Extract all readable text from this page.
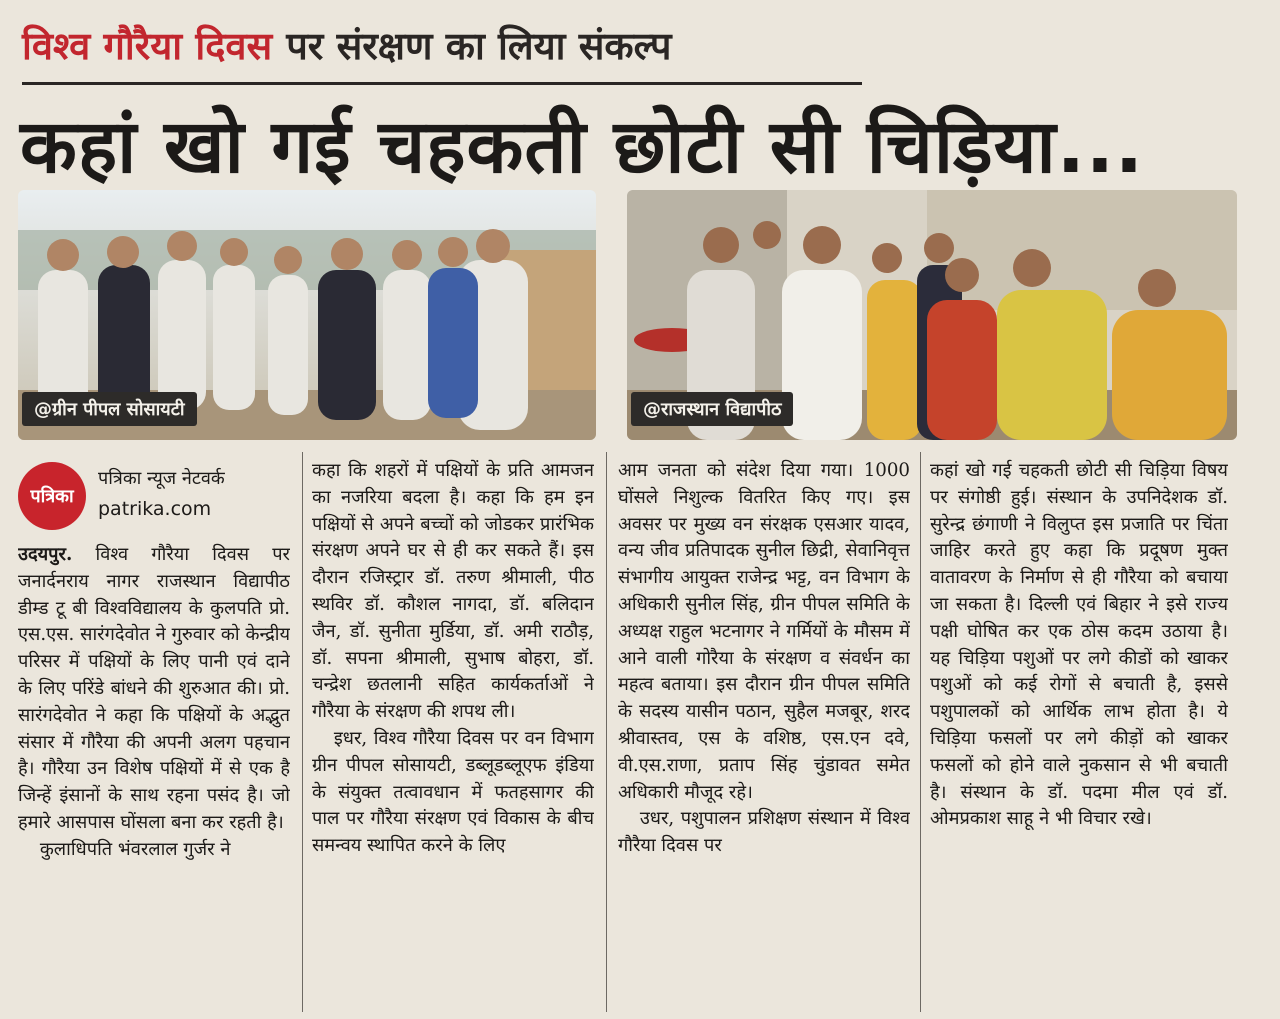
विश्व गौरैया दिवस पर संरक्षण का लिया संकल्प
कहां खो गई चहकती छोटी सी चिड़िया...
@ग्रीन पीपल सोसायटी	@राजस्थान विद्यापीठ
पत्रिका
पत्रिका न्यूज नेटवर्क
patrika.com

उदयपुर. विश्व गौरैया दिवस पर जनार्दनराय नागर राजस्थान विद्यापीठ डीम्ड टू बी विश्वविद्यालय के कुलपति प्रो. एस.एस. सारंगदेवोत ने गुरुवार को केन्द्रीय परिसर में पक्षियों के लिए पानी एवं दाने के लिए परिंडे बांधने की शुरुआत की। प्रो. सारंगदेवोत ने कहा कि पक्षियों के अद्भुत संसार में गौरैया की अपनी अलग पहचान है। गौरैया उन विशेष पक्षियों में से एक है जिन्हें इंसानों के साथ रहना पसंद है। जो हमारे आसपास घोंसला बना कर रहती है।

कुलाधिपति भंवरलाल गुर्जर ने

कहा कि शहरों में पक्षियों के प्रति आमजन का नजरिया बदला है। कहा कि हम इन पक्षियों से अपने बच्चों को जोडकर प्रारंभिक संरक्षण अपने घर से ही कर सकते हैं। इस दौरान रजिस्ट्रार डॉ. तरुण श्रीमाली, पीठ स्थविर डॉ. कौशल नागदा, डॉ. बलिदान जैन, डॉ. सुनीता मुर्डिया, डॉ. अमी राठौड़, डॉ. सपना श्रीमाली, सुभाष बोहरा, डॉ. चन्द्रेश छतलानी सहित कार्यकर्ताओं ने गौरैया के संरक्षण की शपथ ली।

इधर, विश्व गौरैया दिवस पर वन विभाग ग्रीन पीपल सोसायटी, डब्लूडब्लूएफ इंडिया के संयुक्त तत्वावधान में फतहसागर की पाल पर गौरैया संरक्षण एवं विकास के बीच समन्वय स्थापित करने के लिए

आम जनता को संदेश दिया गया। 1000 घोंसले निशुल्क वितरित किए गए। इस अवसर पर मुख्य वन संरक्षक एसआर यादव, वन्य जीव प्रतिपादक सुनील छिद्री, सेवानिवृत्त संभागीय आयुक्त राजेन्द्र भट्ट, वन विभाग के अधिकारी सुनील सिंह, ग्रीन पीपल समिति के अध्यक्ष राहुल भटनागर ने गर्मियों के मौसम में आने वाली गोरैया के संरक्षण व संवर्धन का महत्व बताया। इस दौरान ग्रीन पीपल समिति के सदस्य यासीन पठान, सुहैल मजबूर, शरद श्रीवास्तव, एस के वशिष्ठ, एस.एन दवे, वी.एस.राणा, प्रताप सिंह चुंडावत समेत अधिकारी मौजूद रहे।

उधर, पशुपालन प्रशिक्षण संस्थान में विश्व गौरैया दिवस पर

कहां खो गई चहकती छोटी सी चिड़िया विषय पर संगोष्ठी हुई। संस्थान के उपनिदेशक डॉ. सुरेन्द्र छंगाणी ने विलुप्त इस प्रजाति पर चिंता जाहिर करते हुए कहा कि प्रदूषण मुक्त वातावरण के निर्माण से ही गौरैया को बचाया जा सकता है। दिल्ली एवं बिहार ने इसे राज्य पक्षी घोषित कर एक ठोस कदम उठाया है। यह चिड़िया पशुओं पर लगे कीडों को खाकर पशुओं को कई रोगों से बचाती है, इससे पशुपालकों को आर्थिक लाभ होता है। ये चिड़िया फसलों पर लगे कीड़ों को खाकर फसलों को होने वाले नुकसान से भी बचाती है। संस्थान के डॉ. पदमा मील एवं डॉ. ओमप्रकाश साहू ने भी विचार रखे।
